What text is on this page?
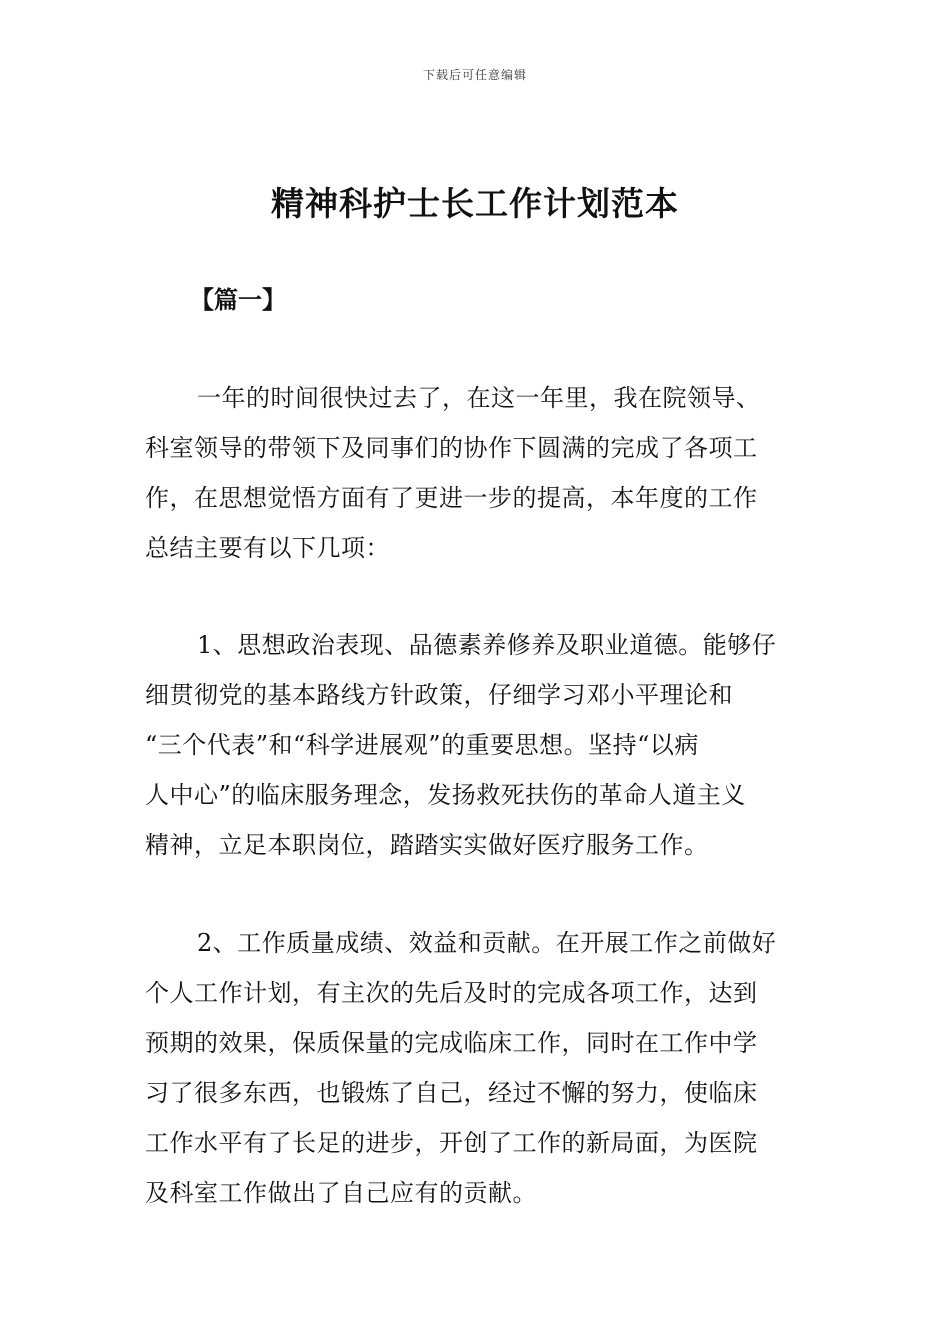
下载后可任意编辑
精神科护士长工作计划范本
【篇一】
一年的时间很快过去了，在这一年里，我在院领导、
科室领导的带领下及同事们的协作下圆满的完成了各项工
作，在思想觉悟方面有了更进一步的提高，本年度的工作
总结主要有以下几项：
1、思想政治表现、品德素养修养及职业道德。能够仔
细贯彻党的基本路线方针政策，仔细学习邓小平理论和
“三个代表”和“科学进展观”的重要思想。坚持“以病
人中心”的临床服务理念，发扬救死扶伤的革命人道主义
精神，立足本职岗位，踏踏实实做好医疗服务工作。
2、工作质量成绩、效益和贡献。在开展工作之前做好
个人工作计划，有主次的先后及时的完成各项工作，达到
预期的效果，保质保量的完成临床工作，同时在工作中学
习了很多东西，也锻炼了自己，经过不懈的努力，使临床
工作水平有了长足的进步，开创了工作的新局面，为医院
及科室工作做出了自己应有的贡献。
